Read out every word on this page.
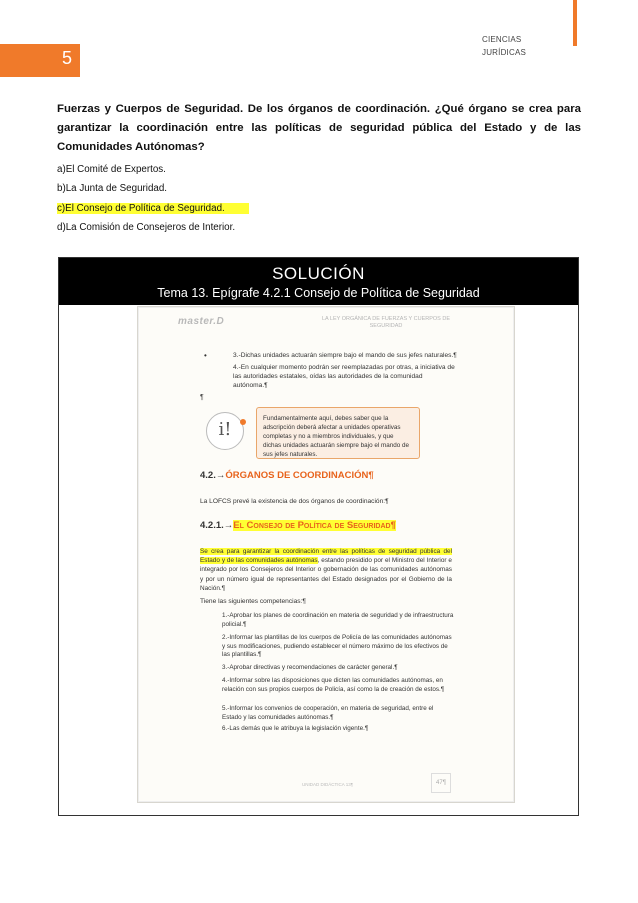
5
CIENCIAS
JURÍDICAS
Fuerzas y Cuerpos de Seguridad. De los órganos de coordinación. ¿Qué órgano se crea para garantizar la coordinación entre las políticas de seguridad pública del Estado y de las Comunidades Autónomas?
a)El Comité de Expertos.
b)La Junta de Seguridad.
c)El Consejo de Política de Seguridad.
d)La Comisión de Consejeros de Interior.
SOLUCIÓN
Tema 13. Epígrafe 4.2.1 Consejo de Política de Seguridad
master.D	LA LEY ORGÁNICA DE FUERZAS Y CUERPOS DE SEGURIDAD
•	3.-Dichas unidades actuarán siempre bajo el mando de sus jefes naturales.¶
4.-En cualquier momento podrán ser reemplazadas por otras, a iniciativa de las autoridades estatales, oídas las autoridades de la comunidad autónoma.¶
¶
i!
Fundamentalmente aquí, debes saber que la adscripción deberá afectar a unidades operativas completas y no a miembros individuales, y que dichas unidades actuarán siempre bajo el mando de sus jefes naturales.
4.2.→ÓRGANOS DE COORDINACIÓN¶
La LOFCS prevé la existencia de dos órganos de coordinación:¶
4.2.1.→El Consejo de Política de Seguridad¶
Se crea para garantizar la coordinación entre las políticas de seguridad pública del Estado y de las comunidades autónomas, estando presidido por el Ministro del Interior e integrado por los Consejeros del Interior o gobernación de las comunidades autónomas y por un número igual de representantes del Estado designados por el Gobierno de la Nación.¶
Tiene las siguientes competencias:¶
1.-Aprobar los planes de coordinación en materia de seguridad y de infraestructura policial.¶
2.-Informar las plantillas de los cuerpos de Policía de las comunidades autónomas y sus modificaciones, pudiendo establecer el número máximo de los efectivos de las plantillas.¶
3.-Aprobar directivas y recomendaciones de carácter general.¶
4.-Informar sobre las disposiciones que dicten las comunidades autónomas, en relación con sus propios cuerpos de Policía, así como la de creación de estos.¶
5.-Informar los convenios de cooperación, en materia de seguridad, entre el Estado y las comunidades autónomas.¶
6.-Las demás que le atribuya la legislación vigente.¶
UNIDAD DIDÁCTICA 13¶	47¶
